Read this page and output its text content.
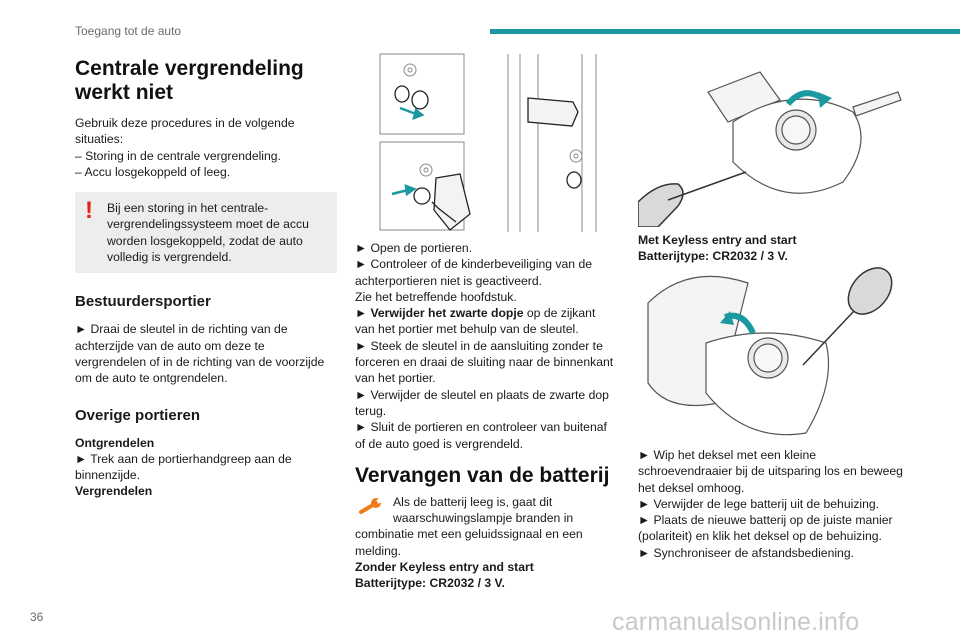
Toegang tot de auto
Centrale vergrendeling werkt niet

Gebruik deze procedures in de volgende situaties:

– Storing in de centrale vergrendeling.

– Accu losgekoppeld of leeg.

!	Bij een storing in het centrale-vergrendelingssysteem moet de accu worden losgekoppeld, zodat de auto volledig is vergrendeld.

Bestuurdersportier

► Draai de sleutel in de richting van de achterzijde van de auto om deze te vergrendelen of in de richting van de voorzijde om de auto te ontgrendelen.

Overige portieren

Ontgrendelen

► Trek aan de portierhandgreep aan de binnenzijde.

Vergrendelen

► Open de portieren.

► Controleer of de kinderbeveiliging van de achterportieren niet is geactiveerd.

Zie het betreffende hoofdstuk.

► Verwijder het zwarte dopje op de zijkant van het portier met behulp van de sleutel.

► Steek de sleutel in de aansluiting zonder te forceren en draai de sluiting naar de binnenkant van het portier.

► Verwijder de sleutel en plaats de zwarte dop terug.

► Sluit de portieren en controleer van buitenaf of de auto goed is vergrendeld.

Vervangen van de batterij

Als de batterij leeg is, gaat dit waarschuwingslampje branden in combinatie met een geluidssignaal en een melding.

Zonder Keyless entry and start

Batterijtype: CR2032 / 3 V.

Met Keyless entry and start

Batterijtype: CR2032 / 3 V.

► Wip het deksel met een kleine schroevendraaier bij de uitsparing los en beweeg het deksel omhoog.

► Verwijder de lege batterij uit de behuizing.

► Plaats de nieuwe batterij op de juiste manier (polariteit) en klik het deksel op de behuizing.

► Synchroniseer de afstandsbediening.

36	carmanualsonline.info
